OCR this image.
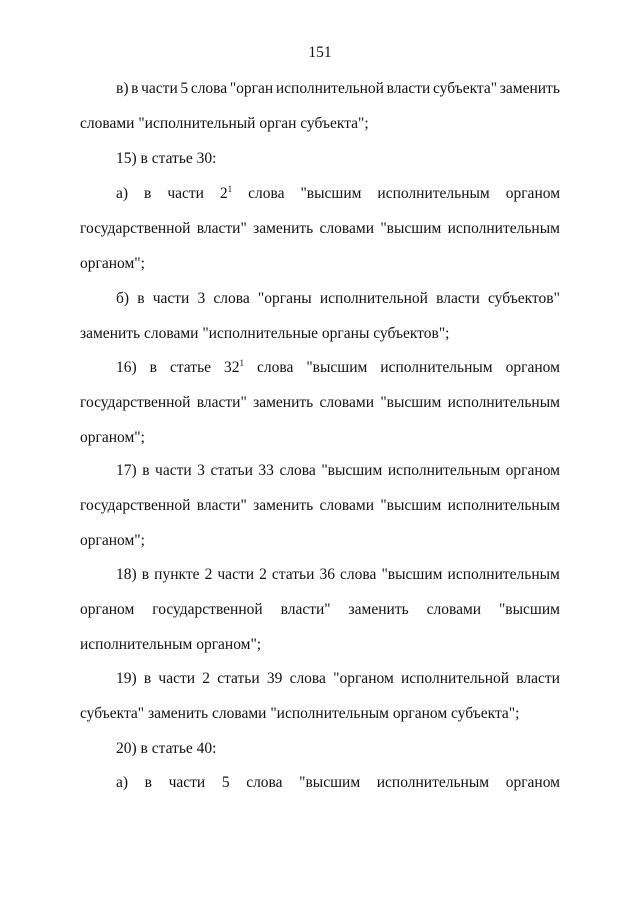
151
в) в части 5 слова "орган исполнительной власти субъекта" заменить
словами "исполнительный орган субъекта";
15) в статье 30:
а) в части $2^1$ слова "высшим исполнительным органом
государственной власти" заменить словами "высшим исполнительным
органом";
б) в части 3 слова "органы исполнительной власти субъектов"
заменить словами "исполнительные органы субъектов";
16) в статье $32^1$ слова "высшим исполнительным органом
государственной власти" заменить словами "высшим исполнительным
органом";
17) в части 3 статьи 33 слова "высшим исполнительным органом
государственной власти" заменить словами "высшим исполнительным
органом";
18) в пункте 2 части 2 статьи 36 слова "высшим исполнительным
органом государственной власти" заменить словами "высшим
исполнительным органом";
19) в части 2 статьи 39 слова "органом исполнительной власти
субъекта" заменить словами "исполнительным органом субъекта";
20) в статье 40:
а) в части 5 слова "высшим исполнительным органом
